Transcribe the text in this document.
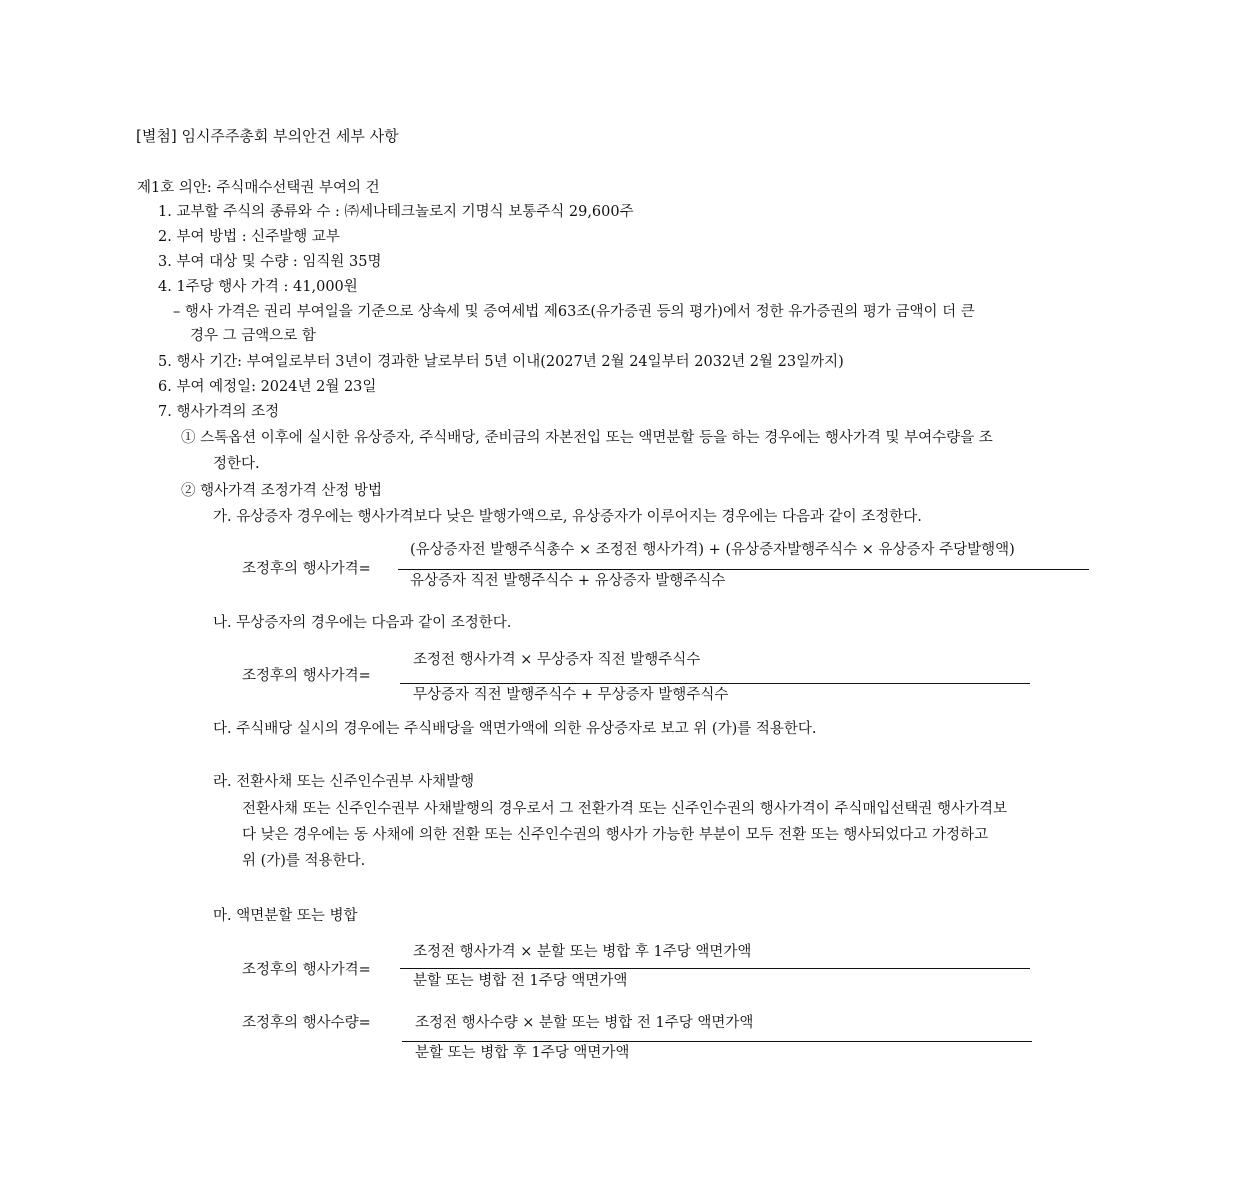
[별첨] 임시주주총회 부의안건 세부 사항
제1호 의안: 주식매수선택권 부여의 건
1. 교부할 주식의 종류와 수 : ㈜세나테크놀로지 기명식 보통주식 29,600주
2. 부여 방법 : 신주발행 교부
3. 부여 대상 및 수량 : 임직원 35명
4. 1주당 행사 가격 : 41,000원
– 행사 가격은 권리 부여일을 기준으로 상속세 및 증여세법 제63조(유가증권 등의 평가)에서 정한 유가증권의 평가 금액이 더 큰
경우 그 금액으로 함
5. 행사 기간: 부여일로부터 3년이 경과한 날로부터 5년 이내(2027년 2월 24일부터 2032년 2월 23일까지)
6. 부여 예정일: 2024년 2월 23일
7. 행사가격의 조정
① 스톡옵션 이후에 실시한 유상증자, 주식배당, 준비금의 자본전입 또는 액면분할 등을 하는 경우에는 행사가격 및 부여수량을 조
정한다.
② 행사가격 조정가격 산정 방법
가. 유상증자 경우에는 행사가격보다 낮은 발행가액으로, 유상증자가 이루어지는 경우에는 다음과 같이 조정한다.
조정후의 행사가격=
(유상증자전 발행주식총수 × 조정전 행사가격) + (유상증자발행주식수 × 유상증자 주당발행액)
유상증자 직전 발행주식수 + 유상증자 발행주식수
나. 무상증자의 경우에는 다음과 같이 조정한다.
조정후의 행사가격=
조정전 행사가격 × 무상증자 직전 발행주식수
무상증자 직전 발행주식수 + 무상증자 발행주식수
다. 주식배당 실시의 경우에는 주식배당을 액면가액에 의한 유상증자로 보고 위 (가)를 적용한다.
라. 전환사채 또는 신주인수권부 사채발행
전환사채 또는 신주인수권부 사채발행의 경우로서 그 전환가격 또는 신주인수권의 행사가격이 주식매입선택권 행사가격보
다 낮은 경우에는 동 사채에 의한 전환 또는 신주인수권의 행사가 가능한 부분이 모두 전환 또는 행사되었다고 가정하고
위 (가)를 적용한다.
마. 액면분할 또는 병합
조정후의 행사가격=
조정전 행사가격 × 분할 또는 병합 후 1주당 액면가액
분할 또는 병합 전 1주당 액면가액
조정후의 행사수량=	조정전 행사수량 × 분할 또는 병합 전 1주당 액면가액
분할 또는 병합 후 1주당 액면가액
